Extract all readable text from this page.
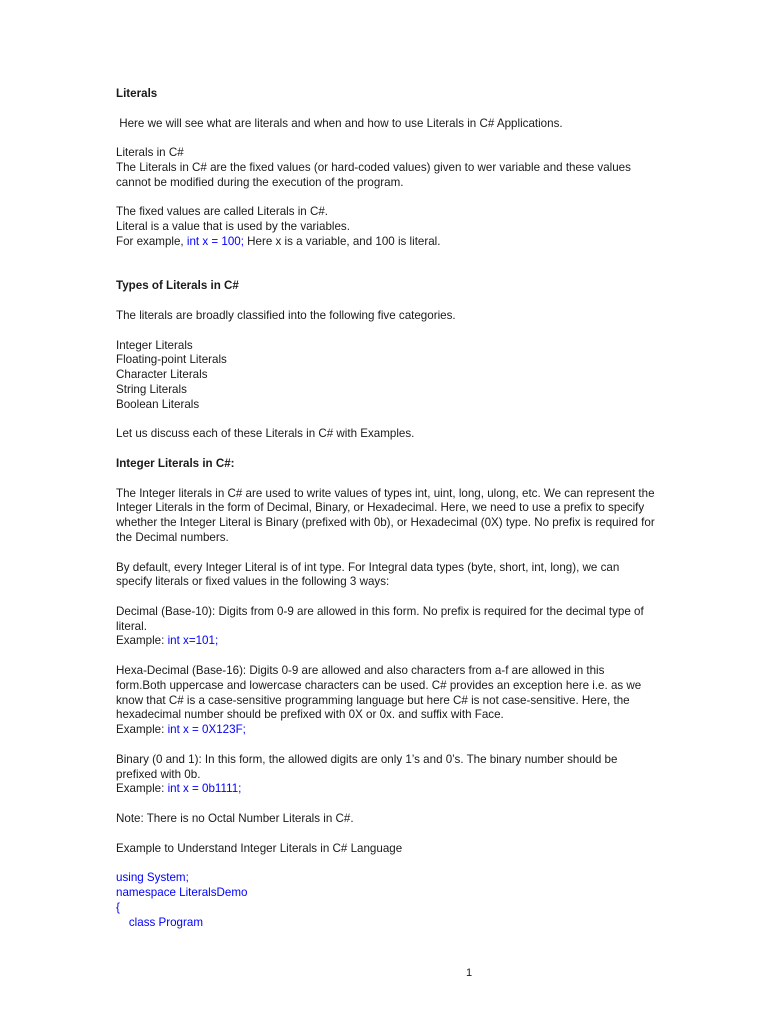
Literals
Here we will see what are literals and when and how to use Literals in C# Applications.
Literals in C#
The Literals in C# are the fixed values (or hard-coded values) given to wer variable and these values cannot be modified during the execution of the program.
The fixed values are called Literals in C#.
Literal is a value that is used by the variables.
For example, int x = 100; Here x is a variable, and 100 is literal.
Types of Literals in C#
The literals are broadly classified into the following five categories.
Integer Literals
Floating-point Literals
Character Literals
String Literals
Boolean Literals
Let us discuss each of these Literals in C# with Examples.
Integer Literals in C#:
The Integer literals in C# are used to write values of types int, uint, long, ulong, etc. We can represent the Integer Literals in the form of Decimal, Binary, or Hexadecimal. Here, we need to use a prefix to specify whether the Integer Literal is Binary (prefixed with 0b), or Hexadecimal (0X) type. No prefix is required for the Decimal numbers.
By default, every Integer Literal is of int type. For Integral data types (byte, short, int, long), we can specify literals or fixed values in the following 3 ways:
Decimal (Base-10): Digits from 0-9 are allowed in this form. No prefix is required for the decimal type of literal.
Example: int x=101;
Hexa-Decimal (Base-16): Digits 0-9 are allowed and also characters from a-f are allowed in this form.Both uppercase and lowercase characters can be used. C# provides an exception here i.e. as we know that C# is a case-sensitive programming language but here C# is not case-sensitive. Here, the hexadecimal number should be prefixed with 0X or 0x. and suffix with Face.
Example: int x = 0X123F;
Binary (0 and 1): In this form, the allowed digits are only 1’s and 0’s. The binary number should be prefixed with 0b.
Example: int x = 0b1111;
Note: There is no Octal Number Literals in C#.
Example to Understand Integer Literals in C# Language
using System;
namespace LiteralsDemo
{
class Program
1
